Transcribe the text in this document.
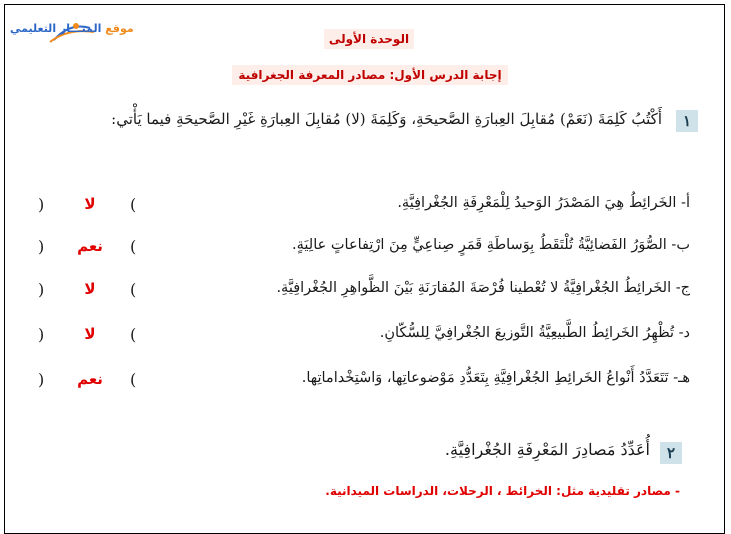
موقع المنـــار التعليمي
الوحدة الأولى
إجابة الدرس الأول: مصادر المعرفة الجغرافية
١
أَكْتُبُ كَلِمَةَ (نَعَمْ) مُقابِلَ العِبارَةِ الصَّحيحَةِ، وَكَلِمَةَ (لا) مُقابِلَ العِبارَةِ غَيْرِ الصَّحيحَةِ فيما يَأْتي:
أ- الخَرائِطُ هِيَ المَصْدَرُ الوَحيدُ لِلْمَعْرِفَةِ الجُغْرافِيَّةِ.
(
لا
)
ب- الصُّوَرُ الفَضائِيَّةُ تُلْتَقَطُ بِوَساطَةِ قَمَرٍ صِناعِيٍّ مِنَ ارْتِفاعاتٍ عالِيَةٍ.
(
نعم
)
ج- الخَرائِطُ الجُغْرافِيَّةُ لا تُعْطينا فُرْصَةَ المُقارَنَةِ بَيْنَ الظَّواهِرِ الجُغْرافِيَّةِ.
(
لا
)
د- تُظْهِرُ الخَرائِطُ الطَّبيعِيَّةُ التَّوزيعَ الجُغْرافِيَّ لِلسُّكّانِ.
(
لا
)
هـ- تَتَعَدَّدُ أَنْواعُ الخَرائِطِ الجُغْرافِيَّةِ بِتَعَدُّدِ مَوْضوعاتِها، وَاسْتِخْداماتِها.
(
نعم
)
٢
أُعَدِّدُ مَصادِرَ المَعْرِفَةِ الجُغْرافِيَّةِ.
- مصادر تقليدية مثل: الخرائط ، الرحلات، الدراسات الميدانية.
